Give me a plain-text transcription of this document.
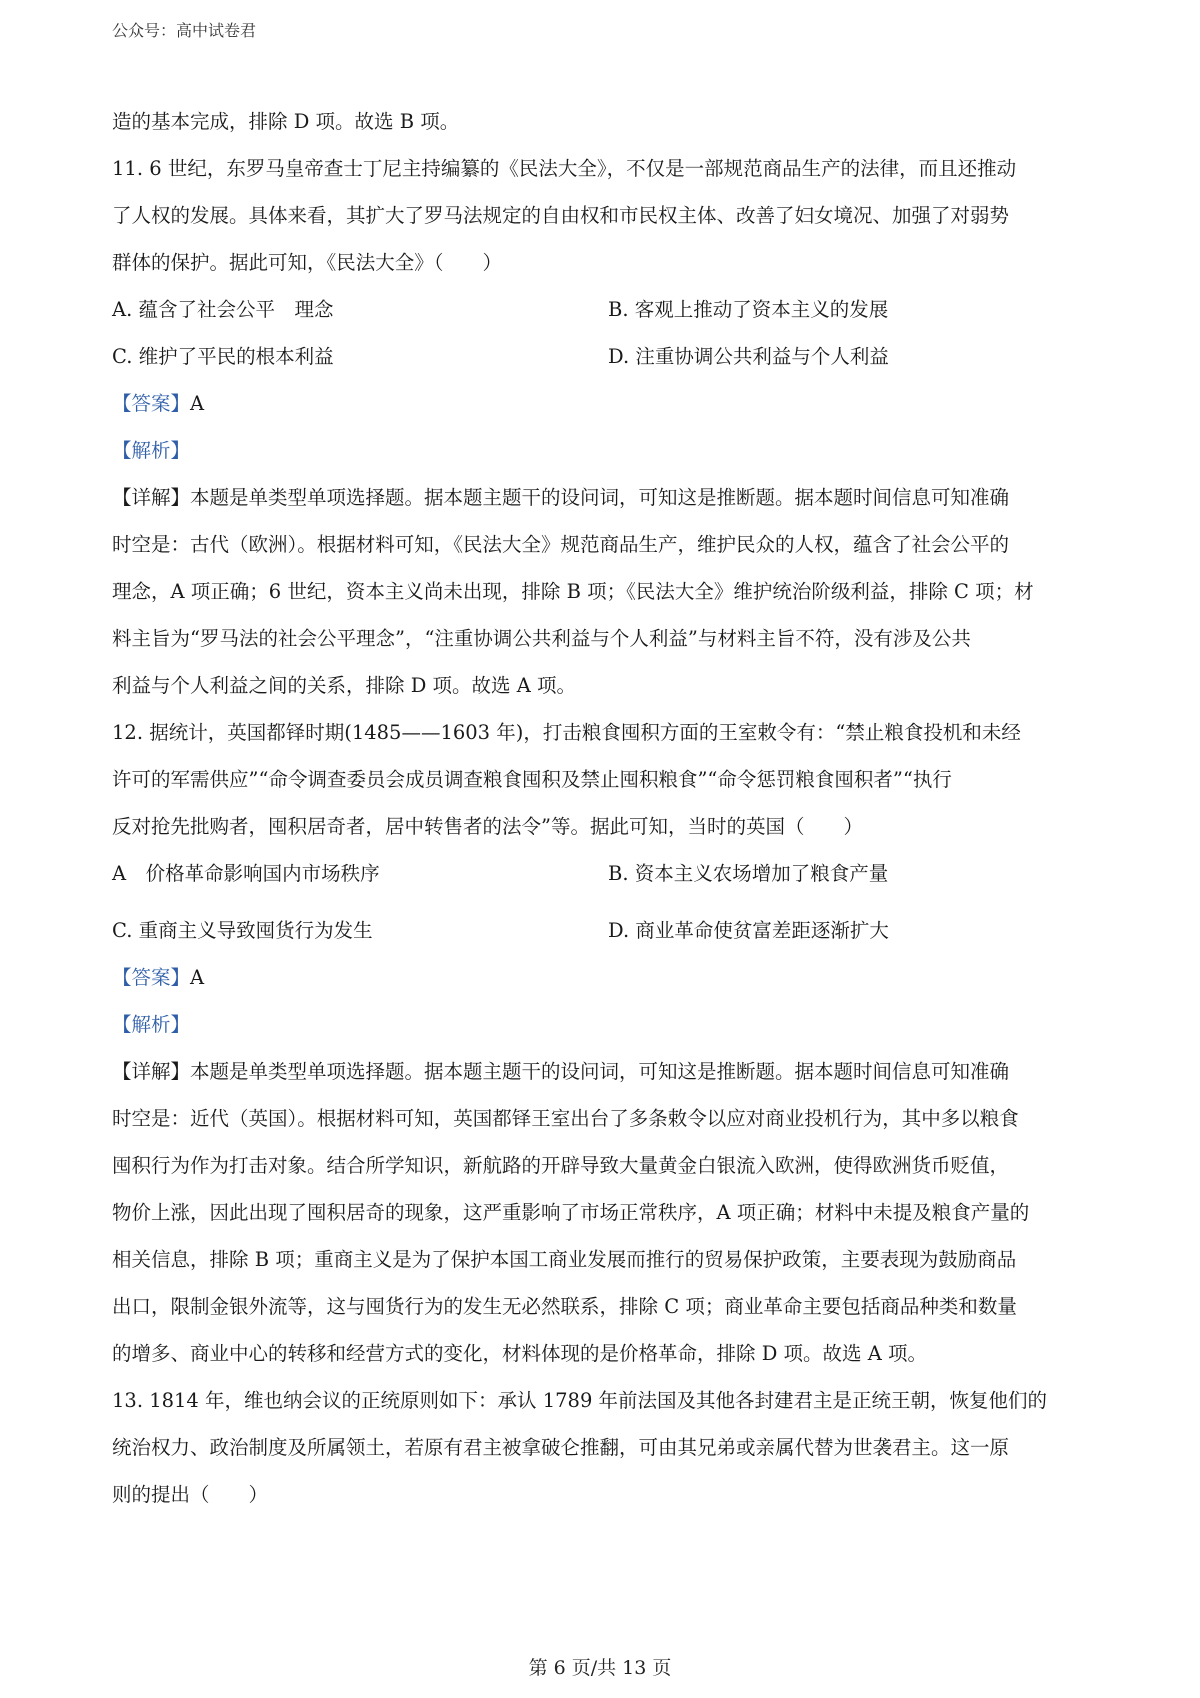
公众号：高中试卷君

造的基本完成，排除 D 项。故选 B 项。

11. 6 世纪，东罗马皇帝查士丁尼主持编纂的《民法大全》，不仅是一部规范商品生产的法律，而且还推动

了人权的发展。具体来看，其扩大了罗马法规定的自由权和市民权主体、改善了妇女境况、加强了对弱势

群体的保护。据此可知，《民法大全》（　　）

A. 蕴含了社会公平　理念	B. 客观上推动了资本主义的发展
C. 维护了平民的根本利益	D. 注重协调公共利益与个人利益

【答案】A

【解析】

【详解】本题是单类型单项选择题。据本题主题干的设问词，可知这是推断题。据本题时间信息可知准确

时空是：古代（欧洲）。根据材料可知，《民法大全》规范商品生产，维护民众的人权，蕴含了社会公平的

理念，A 项正确；6 世纪，资本主义尚未出现，排除 B 项；《民法大全》维护统治阶级利益，排除 C 项；材

料主旨为“罗马法的社会公平理念”，“注重协调公共利益与个人利益”与材料主旨不符，没有涉及公共

利益与个人利益之间的关系，排除 D 项。故选 A 项。

12. 据统计，英国都铎时期(1485——1603 年)，打击粮食囤积方面的王室敕令有：“禁止粮食投机和未经

许可的军需供应”“命令调查委员会成员调查粮食囤积及禁止囤积粮食”“命令惩罚粮食囤积者”“执行

反对抢先批购者，囤积居奇者，居中转售者的法令”等。据此可知，当时的英国（　　）

A　价格革命影响国内市场秩序	B. 资本主义农场增加了粮食产量
C. 重商主义导致囤货行为发生	D. 商业革命使贫富差距逐渐扩大

【答案】A

【解析】

【详解】本题是单类型单项选择题。据本题主题干的设问词，可知这是推断题。据本题时间信息可知准确

时空是：近代（英国）。根据材料可知，英国都铎王室出台了多条敕令以应对商业投机行为，其中多以粮食

囤积行为作为打击对象。结合所学知识，新航路的开辟导致大量黄金白银流入欧洲，使得欧洲货币贬值，

物价上涨，因此出现了囤积居奇的现象，这严重影响了市场正常秩序，A 项正确；材料中未提及粮食产量的

相关信息，排除 B 项；重商主义是为了保护本国工商业发展而推行的贸易保护政策，主要表现为鼓励商品

出口，限制金银外流等，这与囤货行为的发生无必然联系，排除 C 项；商业革命主要包括商品种类和数量

的增多、商业中心的转移和经营方式的变化，材料体现的是价格革命，排除 D 项。故选 A 项。

13. 1814 年，维也纳会议的正统原则如下：承认 1789 年前法国及其他各封建君主是正统王朝，恢复他们的

统治权力、政治制度及所属领土，若原有君主被拿破仑推翻，可由其兄弟或亲属代替为世袭君主。这一原

则的提出（　　）

第 6 页/共 13 页
